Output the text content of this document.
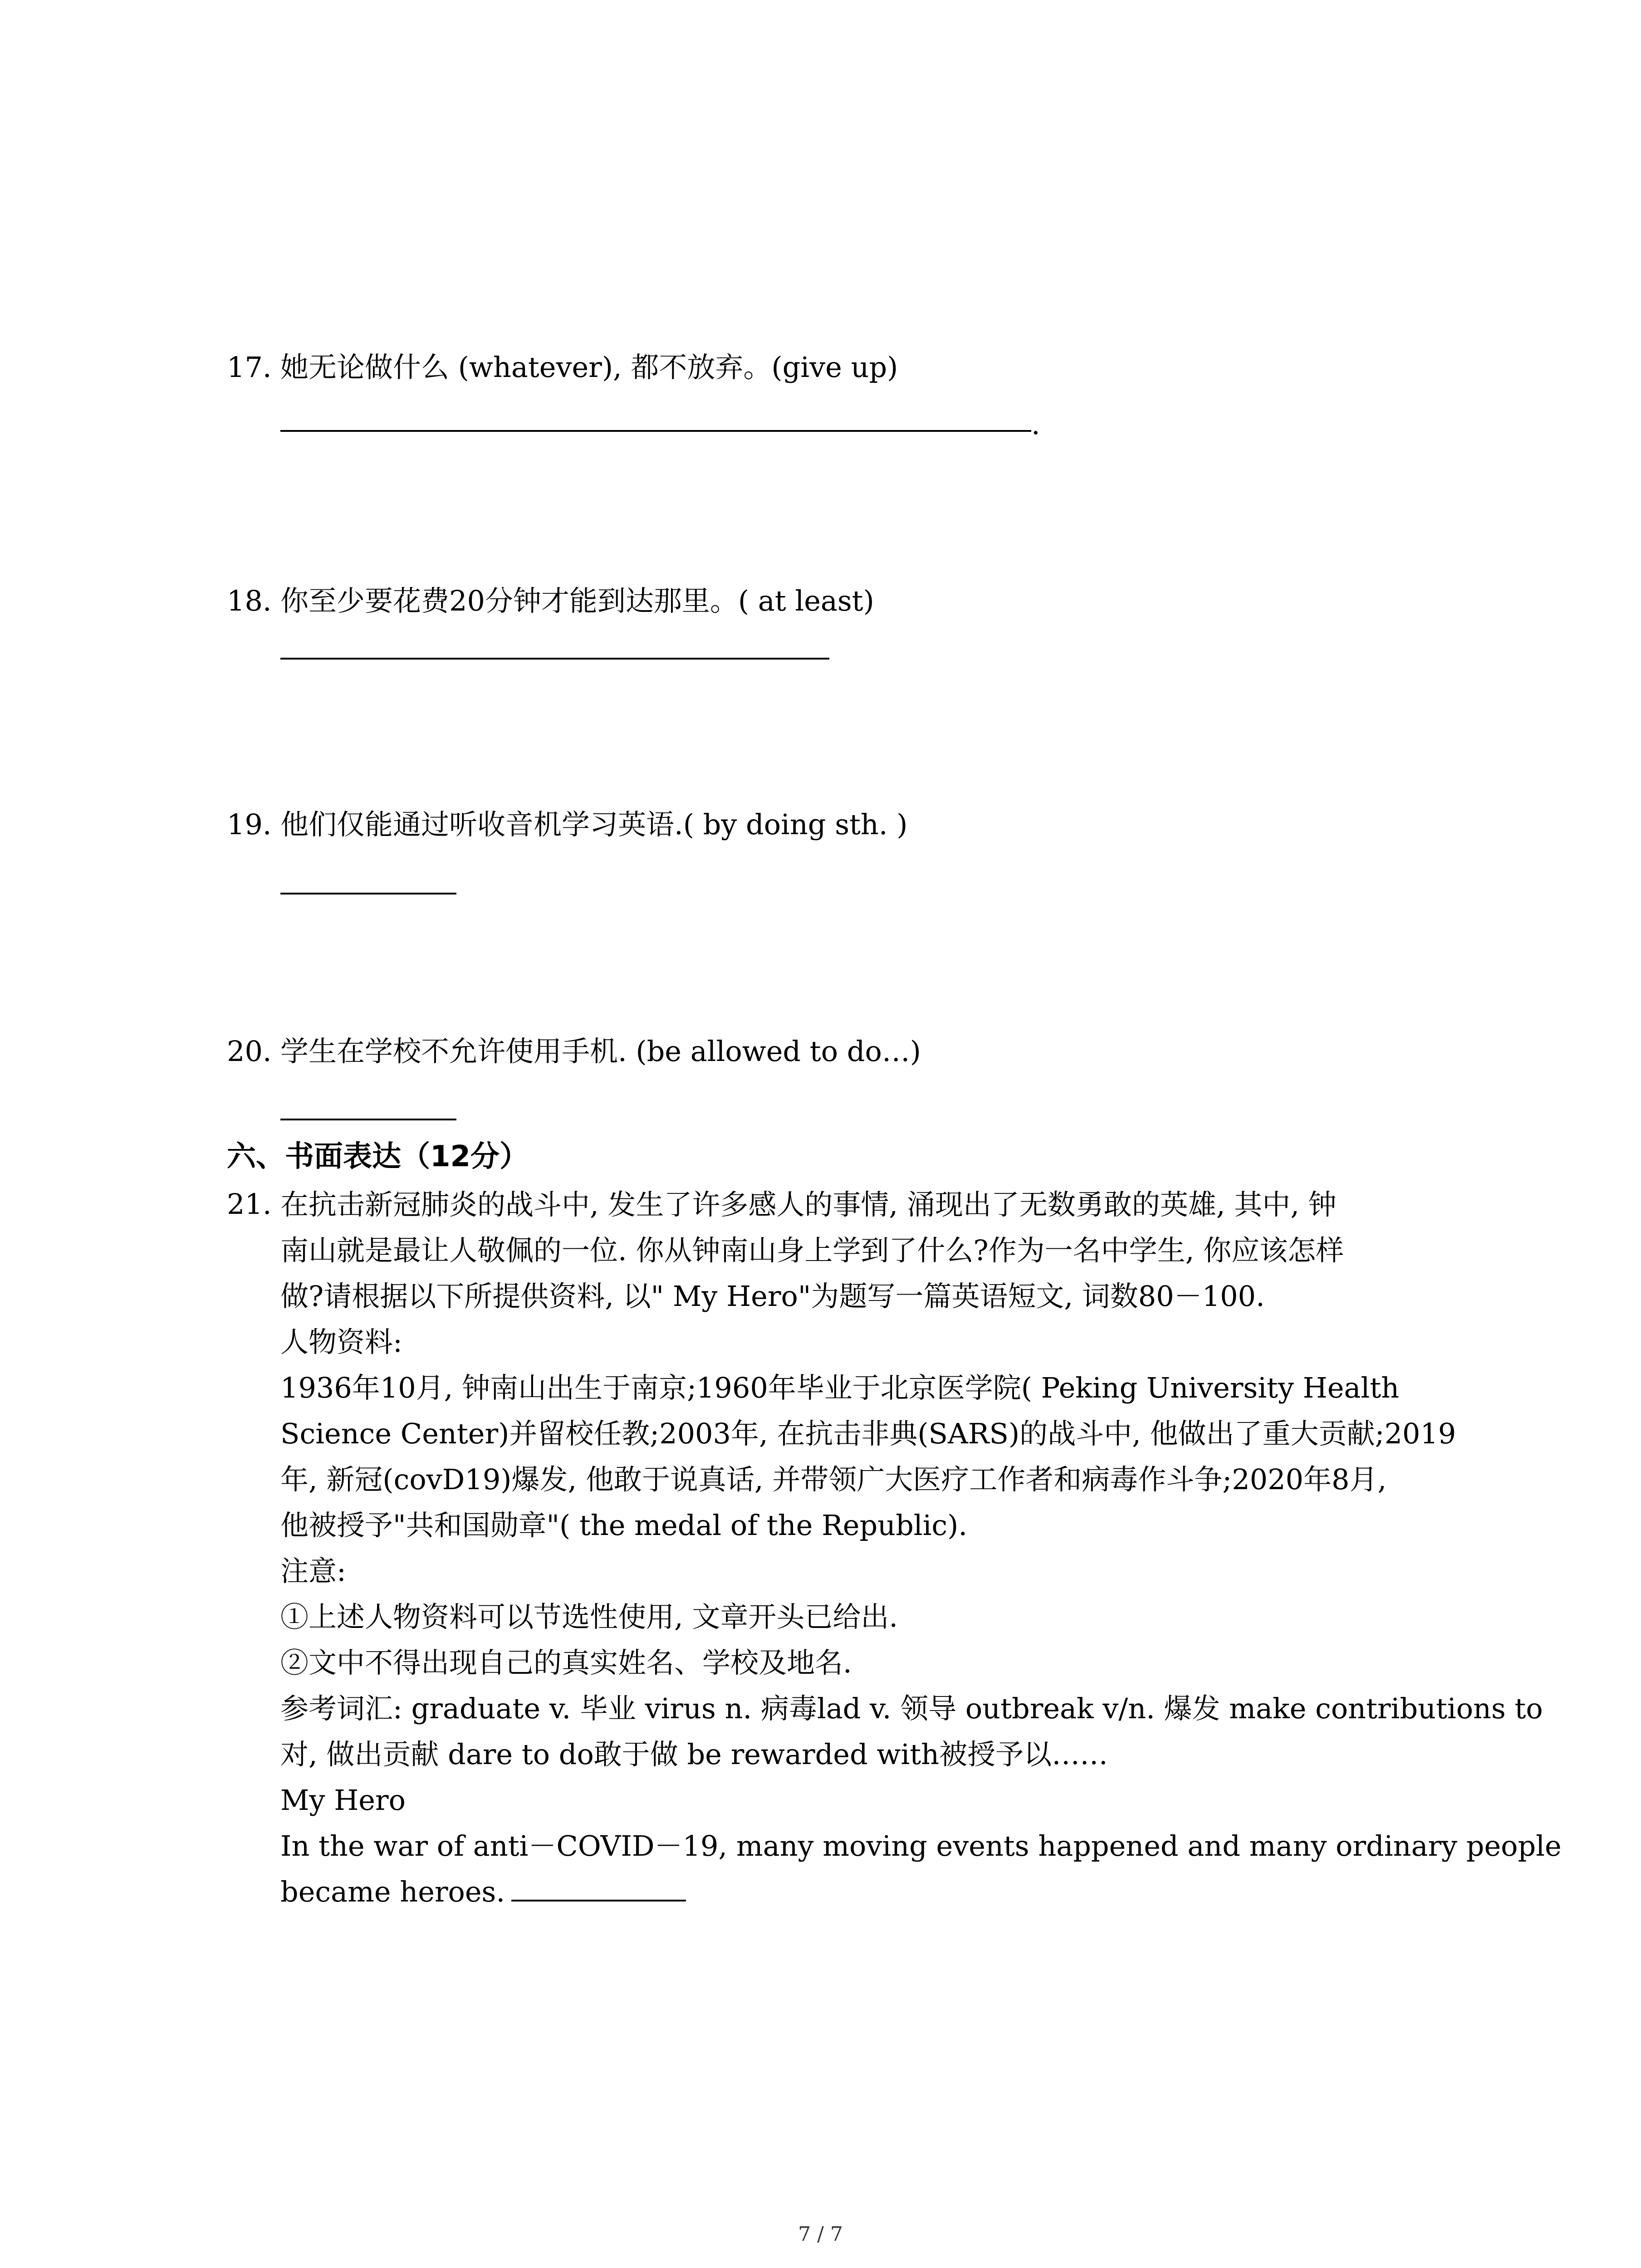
17. 她无论做什么 (whatever), 都不放弃。(give up)
.
18. 你至少要花费20分钟才能到达那里。( at least)
19. 他们仅能通过听收音机学习英语.( by doing sth. )
20. 学生在学校不允许使用手机. (be allowed to do…)
六、书面表达（12分）
21. 在抗击新冠肺炎的战斗中, 发生了许多感人的事情, 涌现出了无数勇敢的英雄, 其中, 钟

南山就是最让人敬佩的一位. 你从钟南山身上学到了什么?作为一名中学生, 你应该怎样

做?请根据以下所提供资料, 以" My Hero"为题写一篇英语短文, 词数80－100.

人物资料:

1936年10月, 钟南山出生于南京;1960年毕业于北京医学院( Peking University Health

Science Center)并留校任教;2003年, 在抗击非典(SARS)的战斗中, 他做出了重大贡献;2019

年, 新冠(covD19)爆发, 他敢于说真话, 并带领广大医疗工作者和病毒作斗争;2020年8月,

他被授予"共和国勋章"( the medal of the Republic).

注意:

①上述人物资料可以节选性使用, 文章开头已给出.

②文中不得出现自己的真实姓名、学校及地名.

参考词汇: graduate v. 毕业 virus n. 病毒lad v. 领导 outbreak v/n. 爆发 make contributions to

对, 做出贡献 dare to do敢于做 be rewarded with被授予以……

My Hero

In the war of anti－COVID－19, many moving events happened and many ordinary people

became heroes.

7 / 7
